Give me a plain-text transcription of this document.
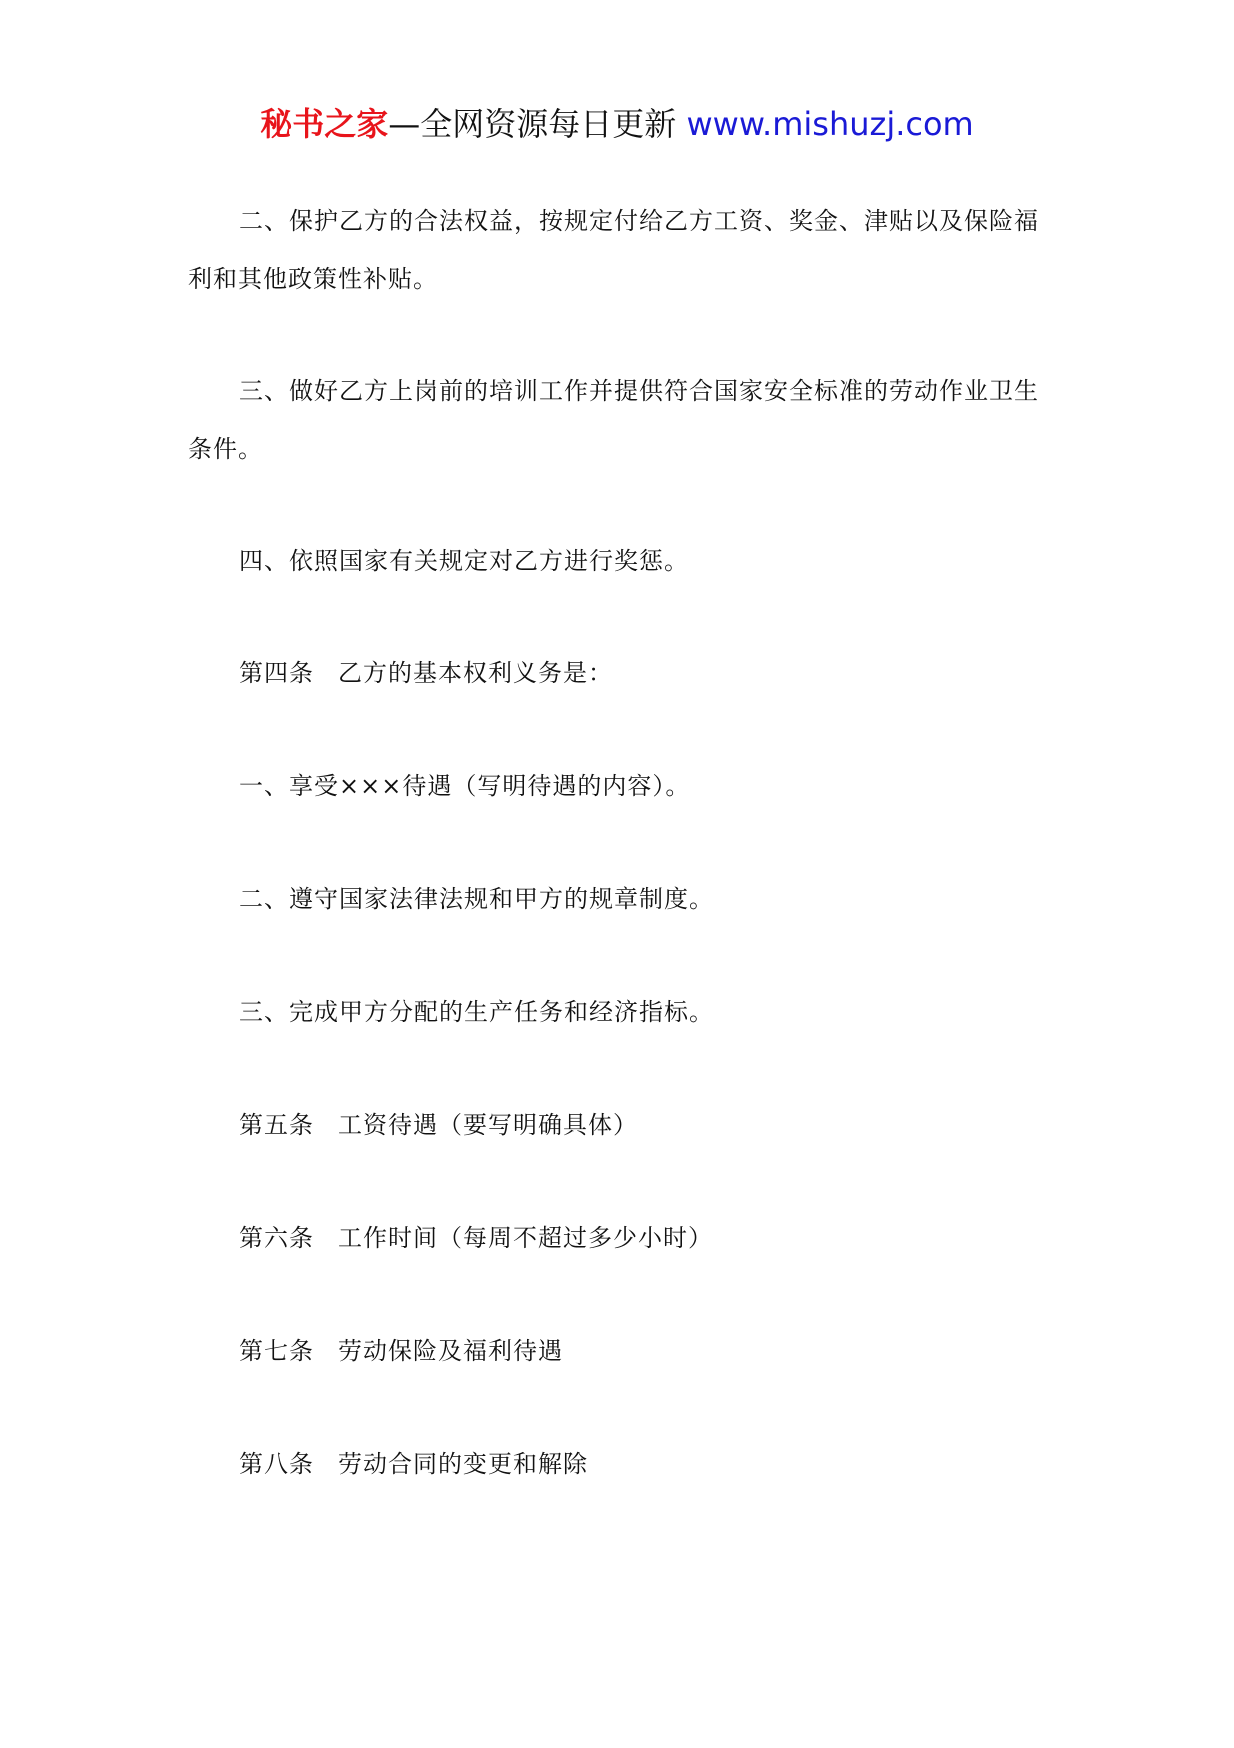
秘书之家—全网资源每日更新 www.mishuzj.com

二、保护乙方的合法权益，按规定付给乙方工资、奖金、津贴以及保险福利和其他政策性补贴。

三、做好乙方上岗前的培训工作并提供符合国家安全标准的劳动作业卫生条件。

四、依照国家有关规定对乙方进行奖惩。

第四条 乙方的基本权利义务是：

一、享受×××待遇（写明待遇的内容）。

二、遵守国家法律法规和甲方的规章制度。

三、完成甲方分配的生产任务和经济指标。

第五条 工资待遇（要写明确具体）

第六条 工作时间（每周不超过多少小时）

第七条 劳动保险及福利待遇

第八条 劳动合同的变更和解除
